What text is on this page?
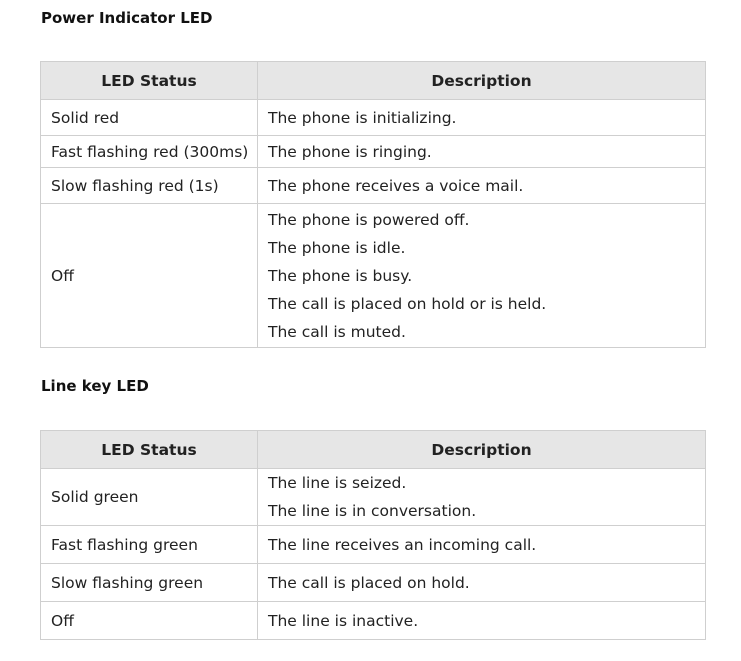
Power Indicator LED
LED Status	Description
Solid red	The phone is initializing.

Fast flashing red (300ms)	The phone is ringing.

Slow flashing red (1s)	The phone receives a voice mail.

Off	The phone is powered off.
The phone is idle.
The phone is busy.
The call is placed on hold or is held.
The call is muted.
Line key LED
LED Status	Description
Solid green	The line is seized.
The line is in conversation.

Fast flashing green	The line receives an incoming call.

Slow flashing green	The call is placed on hold.

Off	The line is inactive.
